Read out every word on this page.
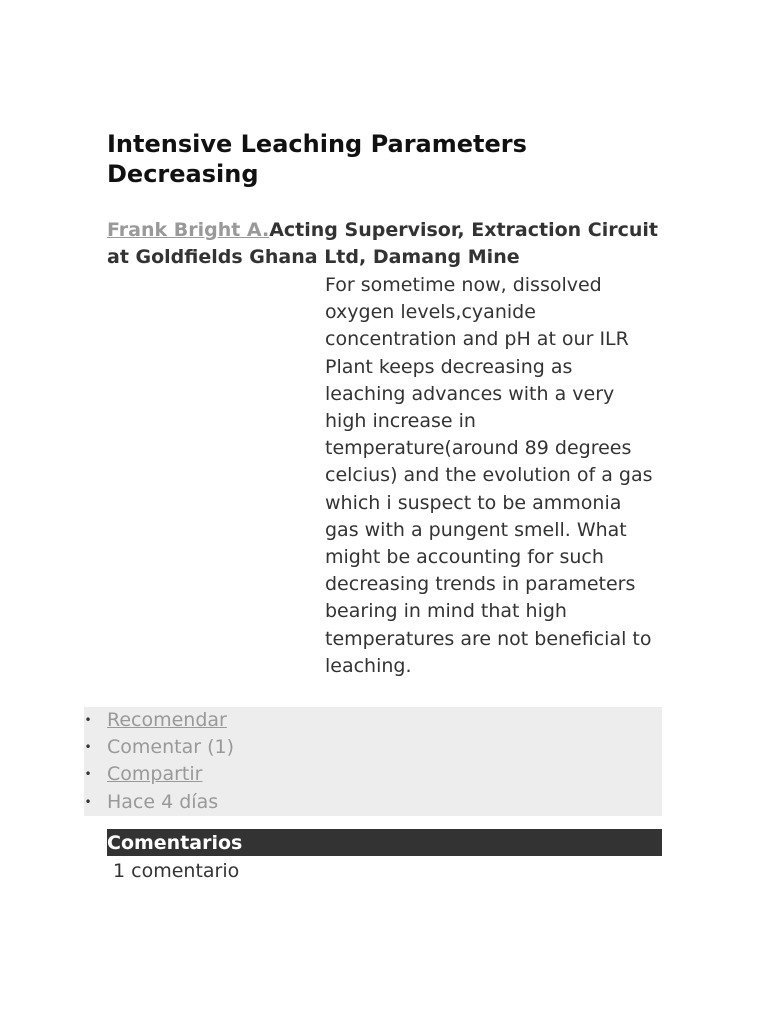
Intensive Leaching Parameters Decreasing
Frank Bright A.Acting Supervisor, Extraction Circuit at Goldfields Ghana Ltd, Damang Mine
For sometime now, dissolved oxygen levels,cyanide concentration and pH at our ILR Plant keeps decreasing as leaching advances with a very high increase in temperature(around 89 degrees celcius) and the evolution of a gas which i suspect to be ammonia gas with a pungent smell. What might be accounting for such decreasing trends in parameters bearing in mind that high temperatures are not beneficial to leaching.
• Recomendar
• Comentar (1)
• Compartir
• Hace 4 días
Comentarios
1 comentario
